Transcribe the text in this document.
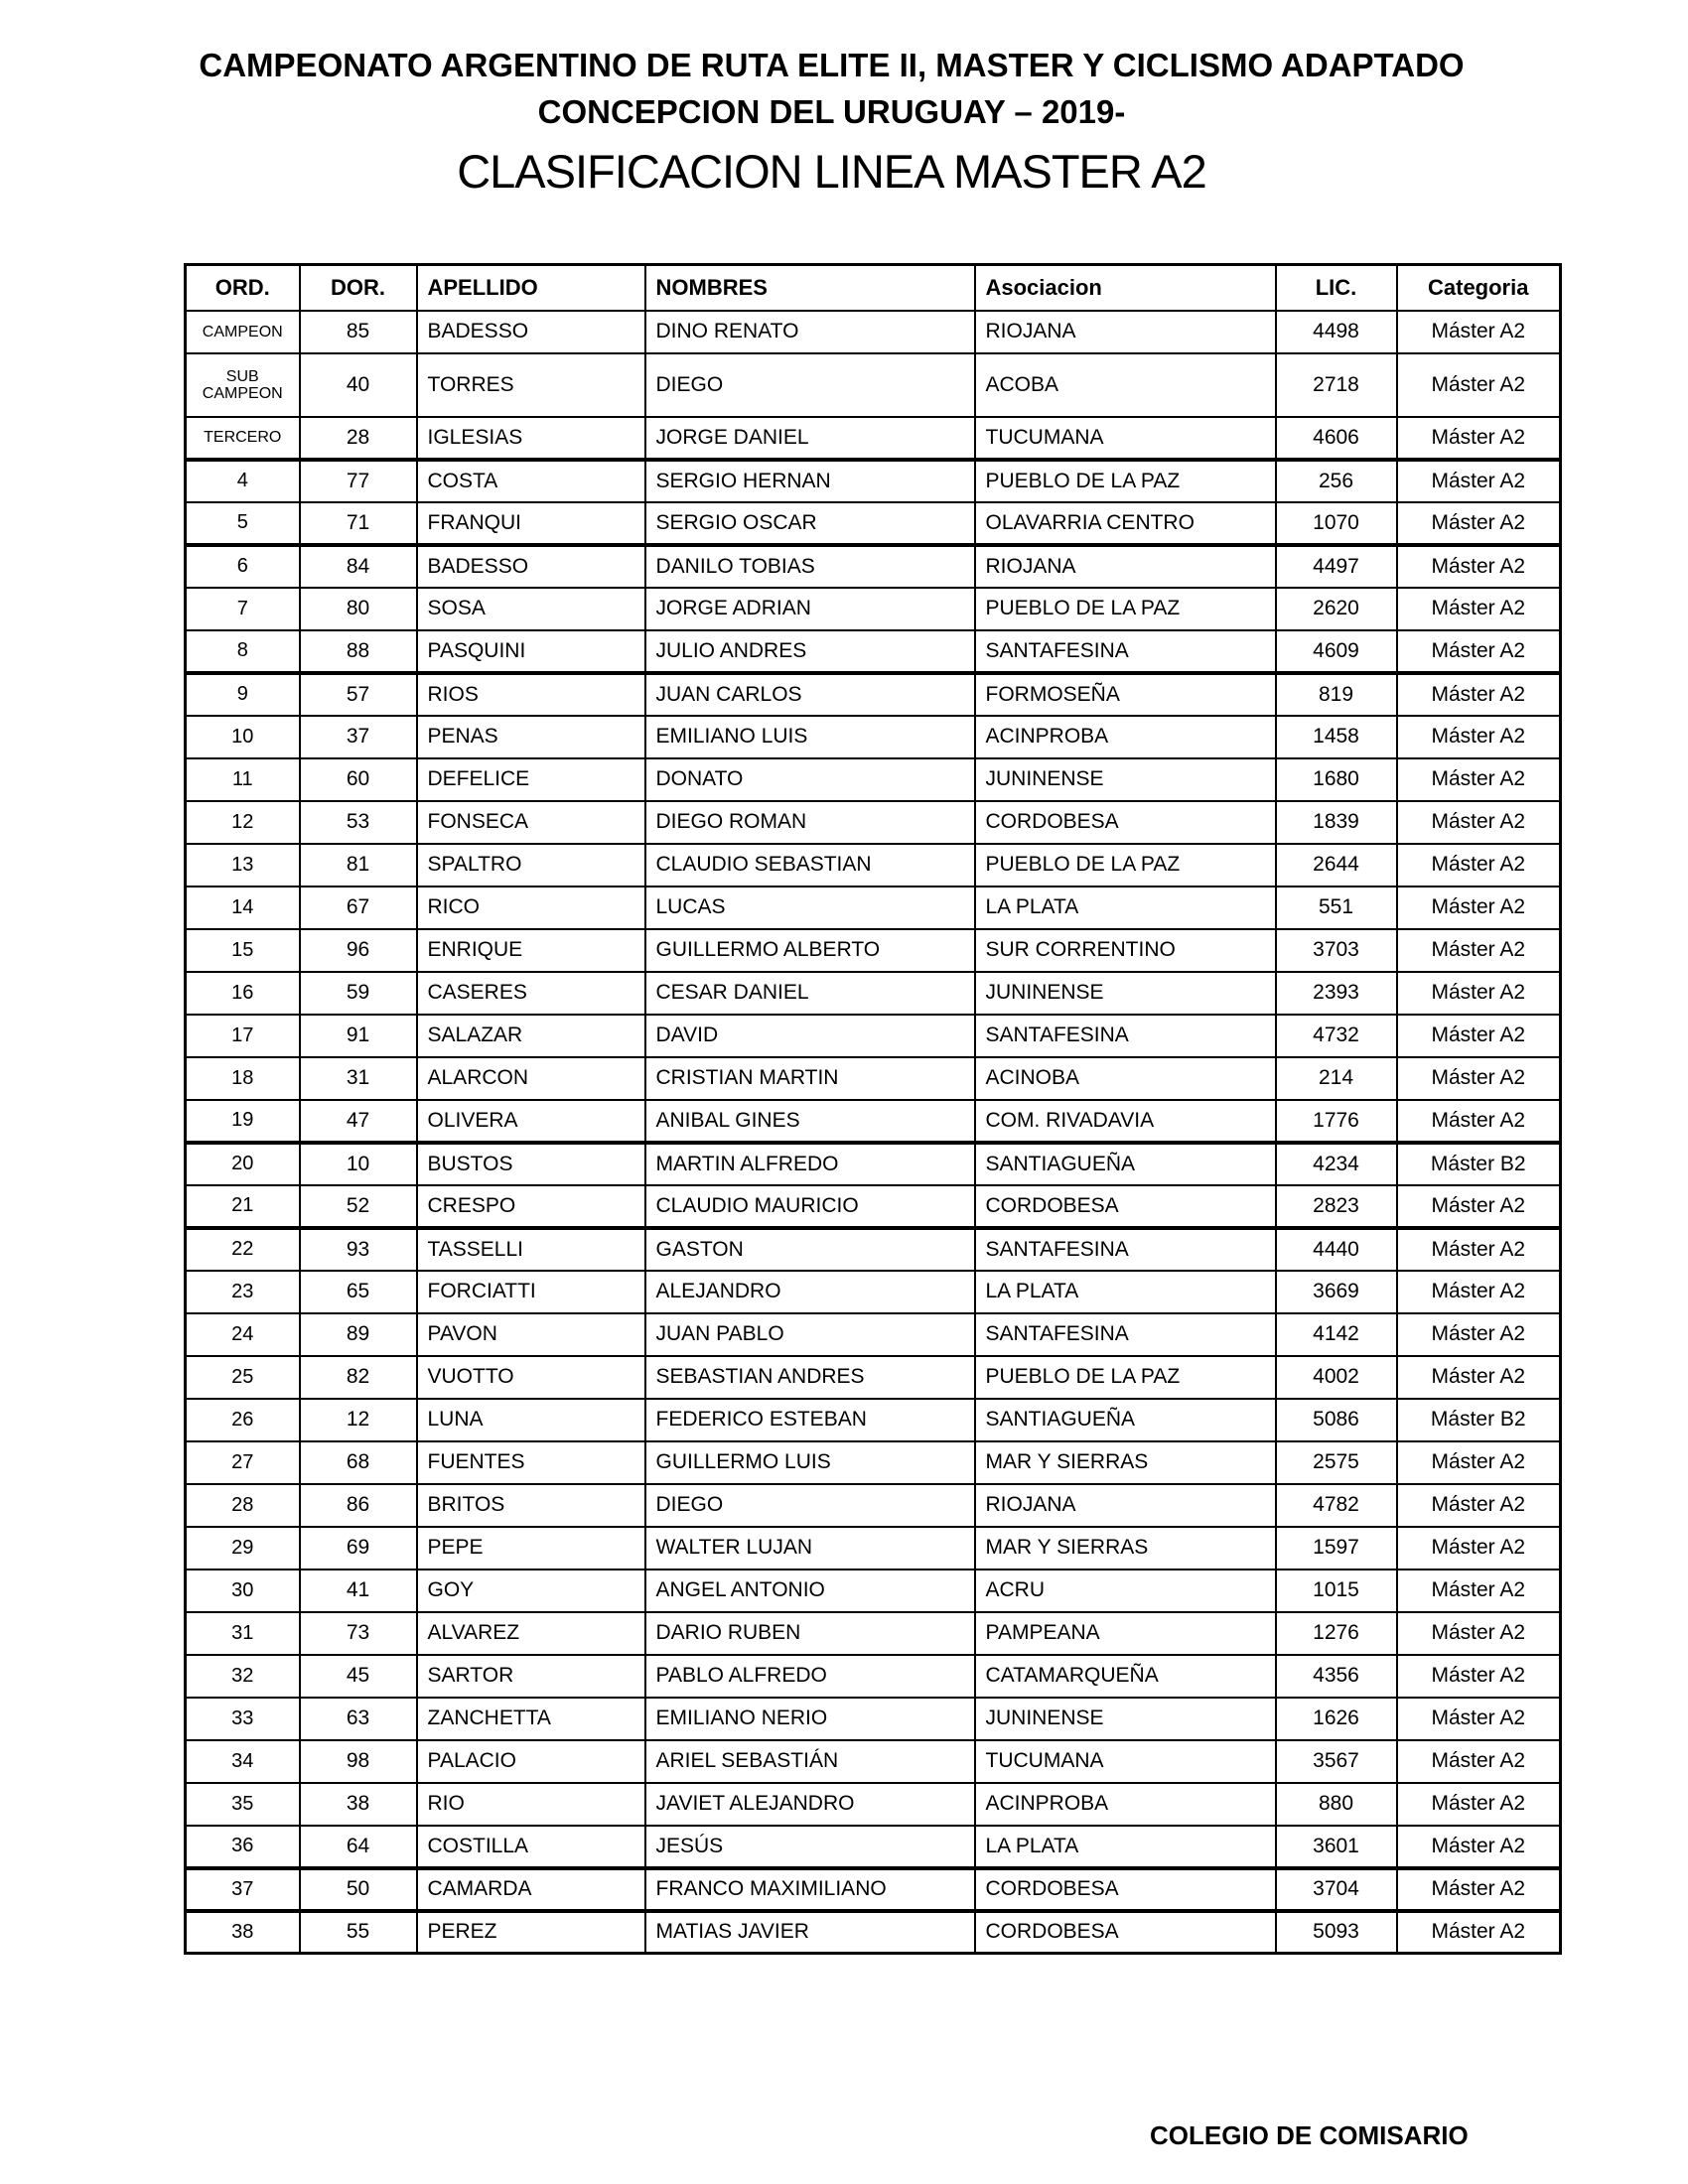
CAMPEONATO ARGENTINO DE RUTA ELITE II, MASTER Y CICLISMO ADAPTADO
CONCEPCION DEL URUGUAY – 2019-
CLASIFICACION LINEA MASTER A2
ORD.	DOR.	APELLIDO	NOMBRES	Asociacion	LIC.	Categoria
CAMPEON	85	BADESSO	DINO RENATO	RIOJANA	4498	Máster A2
SUB CAMPEON	40	TORRES	DIEGO	ACOBA	2718	Máster A2
TERCERO	28	IGLESIAS	JORGE DANIEL	TUCUMANA	4606	Máster A2
4	77	COSTA	SERGIO HERNAN	PUEBLO DE LA PAZ	256	Máster A2
5	71	FRANQUI	SERGIO OSCAR	OLAVARRIA CENTRO	1070	Máster A2
6	84	BADESSO	DANILO TOBIAS	RIOJANA	4497	Máster A2
7	80	SOSA	JORGE ADRIAN	PUEBLO DE LA PAZ	2620	Máster A2
8	88	PASQUINI	JULIO ANDRES	SANTAFESINA	4609	Máster A2
9	57	RIOS	JUAN CARLOS	FORMOSEÑA	819	Máster A2
10	37	PENAS	EMILIANO LUIS	ACINPROBA	1458	Máster A2
11	60	DEFELICE	DONATO	JUNINENSE	1680	Máster A2
12	53	FONSECA	DIEGO ROMAN	CORDOBESA	1839	Máster A2
13	81	SPALTRO	CLAUDIO SEBASTIAN	PUEBLO DE LA PAZ	2644	Máster A2
14	67	RICO	LUCAS	LA PLATA	551	Máster A2
15	96	ENRIQUE	GUILLERMO ALBERTO	SUR CORRENTINO	3703	Máster A2
16	59	CASERES	CESAR DANIEL	JUNINENSE	2393	Máster A2
17	91	SALAZAR	DAVID	SANTAFESINA	4732	Máster A2
18	31	ALARCON	CRISTIAN MARTIN	ACINOBA	214	Máster A2
19	47	OLIVERA	ANIBAL GINES	COM. RIVADAVIA	1776	Máster A2
20	10	BUSTOS	MARTIN ALFREDO	SANTIAGUEÑA	4234	Máster B2
21	52	CRESPO	CLAUDIO MAURICIO	CORDOBESA	2823	Máster A2
22	93	TASSELLI	GASTON	SANTAFESINA	4440	Máster A2
23	65	FORCIATTI	ALEJANDRO	LA PLATA	3669	Máster A2
24	89	PAVON	JUAN PABLO	SANTAFESINA	4142	Máster A2
25	82	VUOTTO	SEBASTIAN ANDRES	PUEBLO DE LA PAZ	4002	Máster A2
26	12	LUNA	FEDERICO ESTEBAN	SANTIAGUEÑA	5086	Máster B2
27	68	FUENTES	GUILLERMO LUIS	MAR Y SIERRAS	2575	Máster A2
28	86	BRITOS	DIEGO	RIOJANA	4782	Máster A2
29	69	PEPE	WALTER LUJAN	MAR Y SIERRAS	1597	Máster A2
30	41	GOY	ANGEL ANTONIO	ACRU	1015	Máster A2
31	73	ALVAREZ	DARIO RUBEN	PAMPEANA	1276	Máster A2
32	45	SARTOR	PABLO ALFREDO	CATAMARQUEÑA	4356	Máster A2
33	63	ZANCHETTA	EMILIANO NERIO	JUNINENSE	1626	Máster A2
34	98	PALACIO	ARIEL SEBASTIÁN	TUCUMANA	3567	Máster A2
35	38	RIO	JAVIET ALEJANDRO	ACINPROBA	880	Máster A2
36	64	COSTILLA	JESÚS	LA PLATA	3601	Máster A2
37	50	CAMARDA	FRANCO MAXIMILIANO	CORDOBESA	3704	Máster A2
38	55	PEREZ	MATIAS JAVIER	CORDOBESA	5093	Máster A2
COLEGIO DE COMISARIO
